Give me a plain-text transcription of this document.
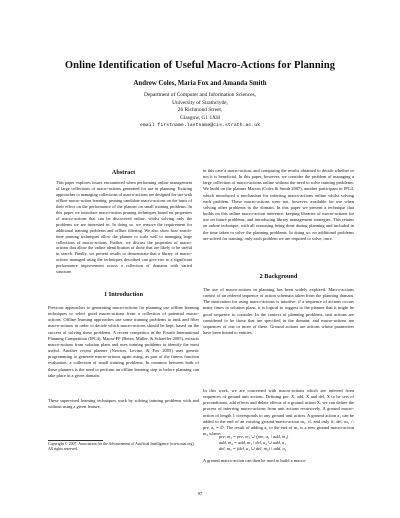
Online Identification of Useful Macro-Actions for Planning
Andrew Coles, Maria Fox and Amanda Smith
Department of Computer and Information Sciences,
University of Strathclyde,
26 Richmond Street,
Glasgow, G1 1XH
email firstname.lastname@cis.strath.ac.uk
Abstract

This paper explores issues encountered when performing online management of large collections of macro-actions generated for use in planning. Existing approaches to managing collections of macro-actions are designed for use with offline macro-action learning, pruning candidate macro-actions on the basis of their effect on the performance of the planner on small training problems. In this paper we introduce macro-action pruning techniques based on properties of macro-actions that can be discovered online, whilst solving only the problems we are interested in. In doing so, we remove the requirement for additional training problems and offline filtering. We also show how search-time pruning techniques allow the planner to scale well to managing large collections of macro-actions. Further, we discuss the properties of macro-actions that allow the online identification of those that are likely to be useful in search. Finally, we present results to demonstrate that a library of macro-actions managed using the techniques described can give rise to a significant performance improvement across a collection of domains with varied structure.

1 Introduction

Previous approaches to generating macro-actions for planning use offline learning techniques to select good macro-actions from a collection of potential macro-actions. Offline learning approaches use some training problems to rank and filter macro-actions in order to decide which macro-actions should be kept, based on the success of solving these problems. A recent competitor in the Fourth International Planning Competition (IPC4), Macro-FF (Botea, Müller, & Schaeffer 2005), extracts macro-actions from solution plans and uses training problems to identify the most useful. Another recent planner (Newton, Levine, & Fox 2005) uses genetic programming to generate macro-actions again using, as part of the fitness function evaluation, a collection of small training problems. In common between both of these planners is the need to perform an offline learning step to before planning can take place in a given domain.

These supervised learning techniques work by solving training problems with and without using a given feature,

Copyright © 2007, Association for the Advancement of Artificial Intelligence (www.aaai.org). All rights reserved.

in this case a macro-action, and comparing the results obtained to decide whether or not it is beneficial. In this paper, however, we consider the problem of managing a large collection of macro-actions online without the need to solve training problems. We build on the planner Marvin (Coles & Smith 2007), another participant in IPC4, which introduced a mechanism for inferring macro-actions online whilst solving each problem. These macro-actions were not, however, available for use when solving other problems in the domain. In this paper we present a technique that builds on this online macro-action inference, keeping libraries of macro-actions for use on future problems, and introducing library management strategies. This retains an online technique, with all reasoning being done during planning and included in the time taken to solve the planning problems. In doing so, no additional problems are solved for training, only each problem we are required to solve, once.

2 Background

The use of macro-actions in planning has been widely explored. Macro-actions consist of an ordered sequence of action schemata taken from the planning domain. The motivation for using macro-actions is intuitive: if a sequence of actions occurs many times in solution plans, it is logical to suggest to the planner that it might be good sequence to consider. In the context of planning problems, unit actions are considered to be those that are specified in the domain; and macro-actions are sequences of one or more of these. Ground actions are actions whose parameters have been bound to entities.

In this work, we are concerned with macro-actions which are inferred from sequences of ground unit actions. Defining pre, X, add, X and del, X to be sets of preconditions, add effects and delete effects of a ground action X, we can define the process of inferring macro-actions from unit actions recursively. A ground macro-action of length 1 corresponds to any ground unit action. A ground action a₁ can be added to the end of an existing ground macro-action m₁, if, and only if, del, m₁ ∩ pre, a₁ = ∅. The result of adding a₁ to the end of m₁ is a new ground macro-action m₂ where:

pre, m₂ = pre, m₁ ∪ (pre, a₁ \ add, m₁)
add, m₂ = add, m₁ \ del, a₁ ∪ add, a₁
del, m₂ = (del, a₁ ∪ del, m₁) \ add, a₁

A ground macro-action can then be used to build a macro-

97
